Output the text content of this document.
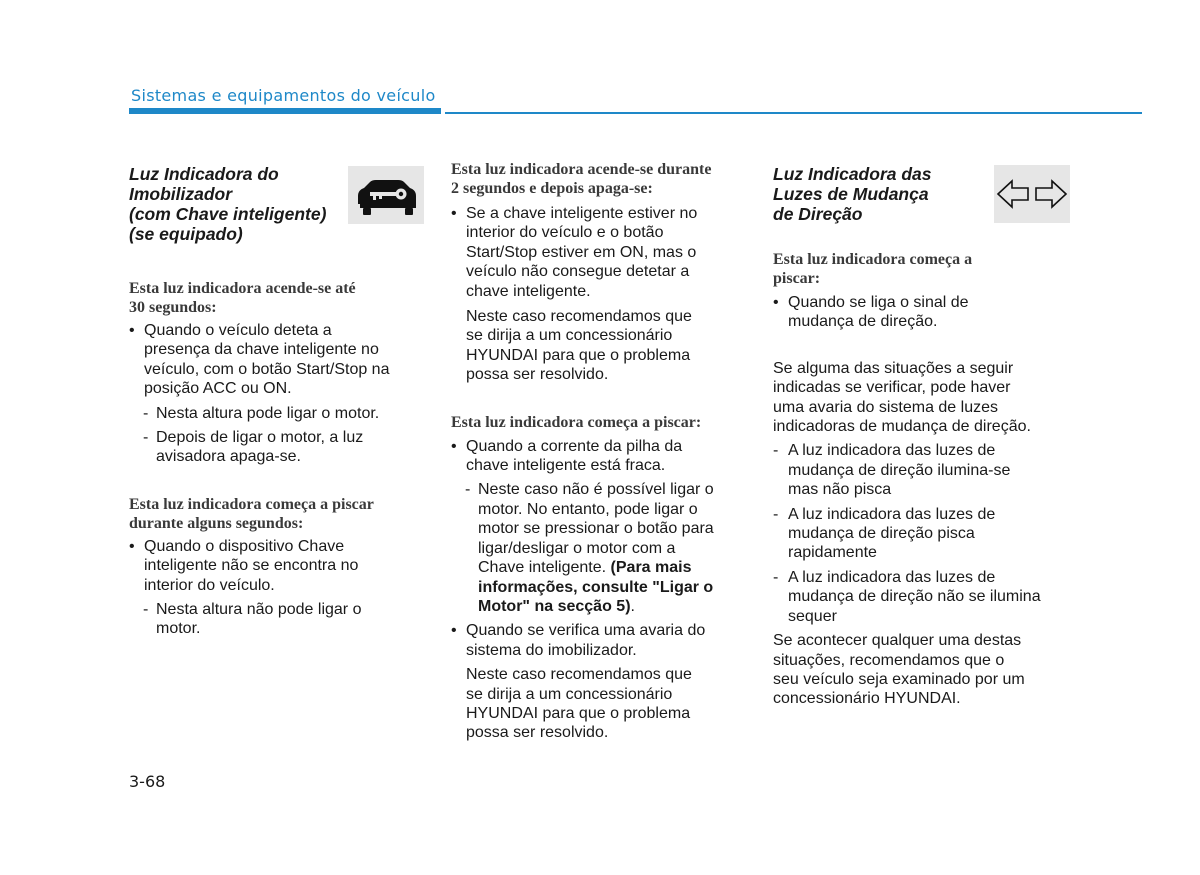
Sistemas e equipamentos do veículo

Luz Indicadora do
Imobilizador
(com Chave inteligente)
(se equipado)

Esta luz indicadora acende-se até
30 segundos:

• Quando o veículo deteta a
presença da chave inteligente no
veículo, com o botão Start/Stop na
posição ACC ou ON.
- Nesta altura pode ligar o motor.
- Depois de ligar o motor, a luz
avisadora apaga-se.

Esta luz indicadora começa a piscar
durante alguns segundos:

• Quando o dispositivo Chave
inteligente não se encontra no
interior do veículo.
- Nesta altura não pode ligar o
motor.

Esta luz indicadora acende-se durante
2 segundos e depois apaga-se:

• Se a chave inteligente estiver no
interior do veículo e o botão
Start/Stop estiver em ON, mas o
veículo não consegue detetar a
chave inteligente.
Neste caso recomendamos que
se dirija a um concessionário
HYUNDAI para que o problema
possa ser resolvido.

Esta luz indicadora começa a piscar:

• Quando a corrente da pilha da
chave inteligente está fraca.
- Neste caso não é possível ligar o
motor. No entanto, pode ligar o
motor se pressionar o botão para
ligar/desligar o motor com a
Chave inteligente. (Para mais
informações, consulte "Ligar o
Motor" na secção 5).
• Quando se verifica uma avaria do
sistema do imobilizador.
Neste caso recomendamos que
se dirija a um concessionário
HYUNDAI para que o problema
possa ser resolvido.

Luz Indicadora das
Luzes de Mudança
de Direção

Esta luz indicadora começa a
piscar:

• Quando se liga o sinal de
mudança de direção.
Se alguma das situações a seguir
indicadas se verificar, pode haver
uma avaria do sistema de luzes
indicadoras de mudança de direção.
- A luz indicadora das luzes de
mudança de direção ilumina-se
mas não pisca
- A luz indicadora das luzes de
mudança de direção pisca
rapidamente
- A luz indicadora das luzes de
mudança de direção não se ilumina
sequer
Se acontecer qualquer uma destas
situações, recomendamos que o
seu veículo seja examinado por um
concessionário HYUNDAI.
3-68
